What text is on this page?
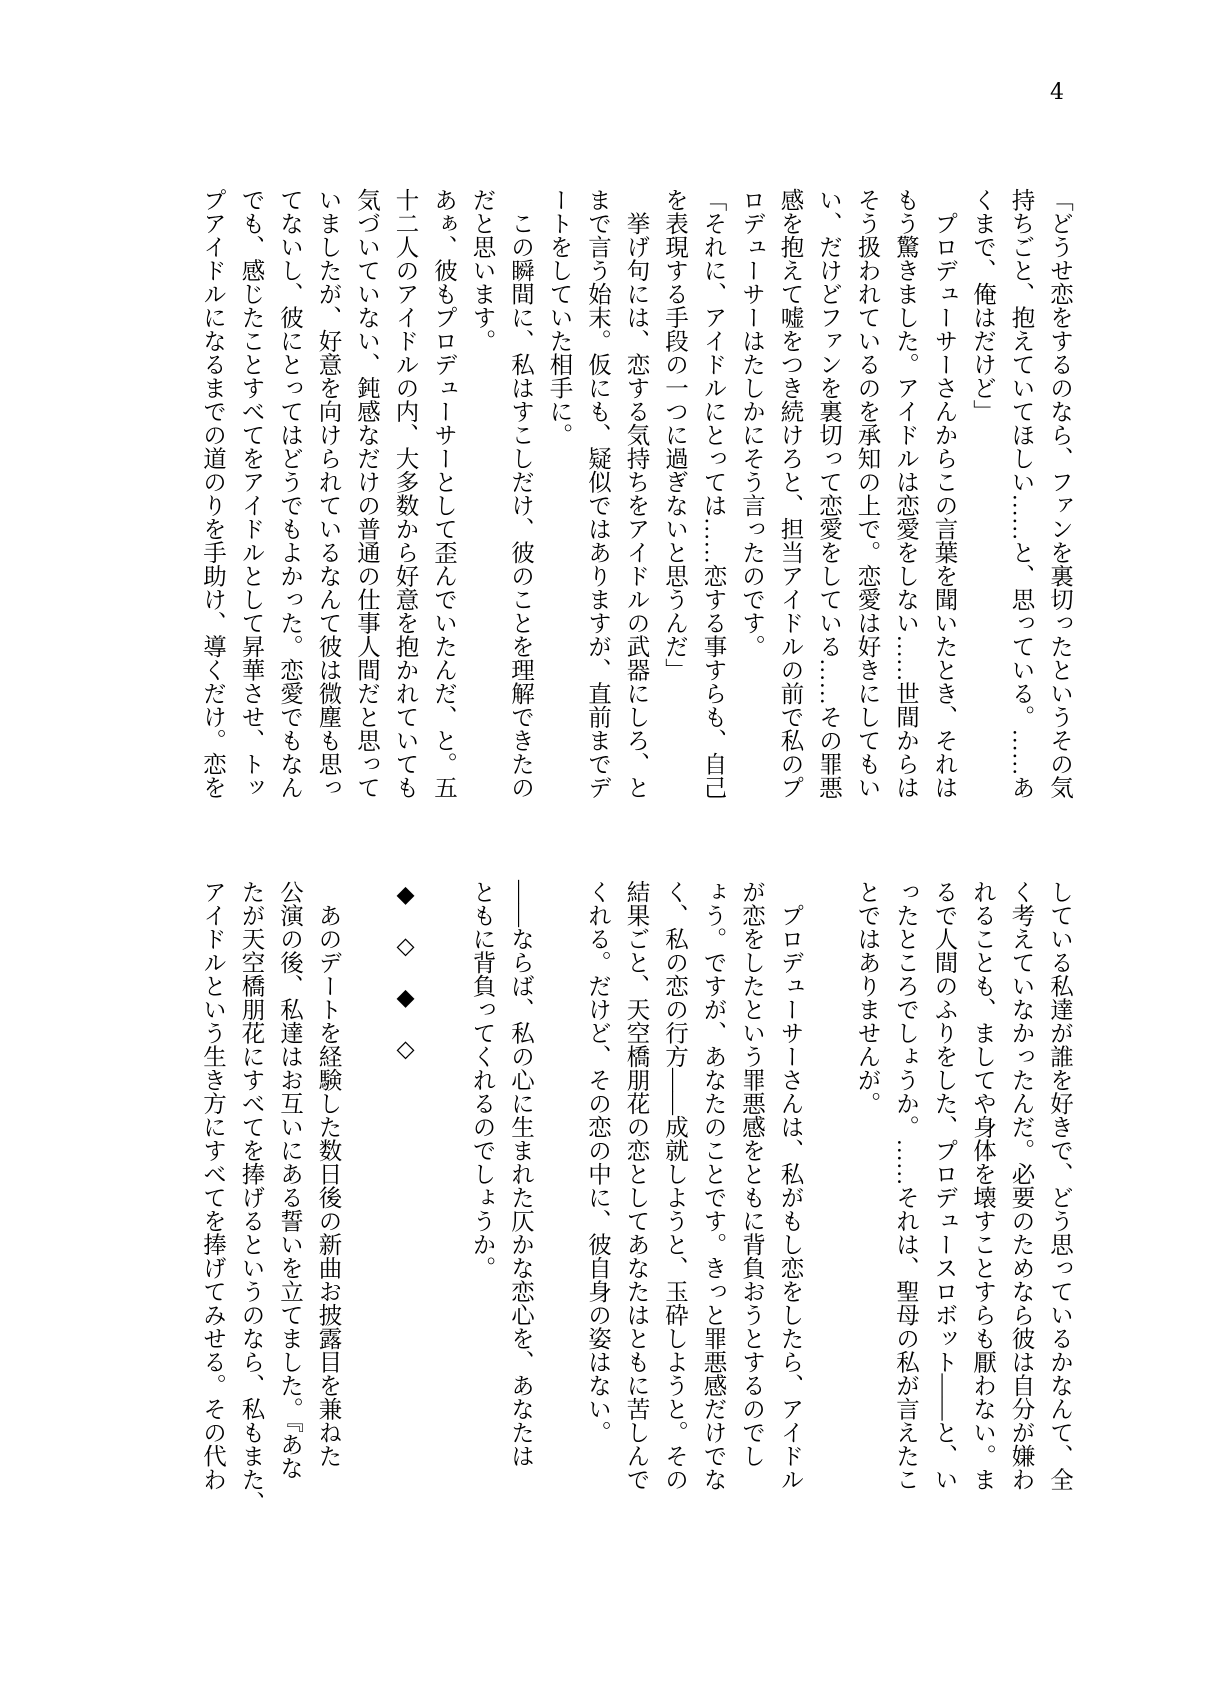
4
「どうせ恋をするのなら、ファンを裏切ったというその気
持ちごと、抱えていてほしい……と、思っている。……あ
くまで、俺はだけど」
　プロデューサーさんからこの言葉を聞いたとき、それは
もう驚きました。アイドルは恋愛をしない……世間からは
そう扱われているのを承知の上で。恋愛は好きにしてもい
い、だけどファンを裏切って恋愛をしている……その罪悪
感を抱えて嘘をつき続けろと、担当アイドルの前で私のプ
ロデューサーはたしかにそう言ったのです。
「それに、アイドルにとっては……恋する事すらも、自己
を表現する手段の一つに過ぎないと思うんだ」
　挙げ句には、恋する気持ちをアイドルの武器にしろ、と
まで言う始末。仮にも、疑似ではありますが、直前までデ
ートをしていた相手に。
　この瞬間に、私はすこしだけ、彼のことを理解できたの
だと思います。
あぁ、彼もプロデューサーとして歪んでいたんだ、と。五
十二人のアイドルの内、大多数から好意を抱かれていても
気づいていない、鈍感なだけの普通の仕事人間だと思って
いましたが、好意を向けられているなんて彼は微塵も思っ
てないし、彼にとってはどうでもよかった。恋愛でもなん
でも、感じたことすべてをアイドルとして昇華させ、トッ
プアイドルになるまでの道のりを手助け、導くだけ。恋を
している私達が誰を好きで、どう思っているかなんて、全
く考えていなかったんだ。必要のためなら彼は自分が嫌わ
れることも、ましてや身体を壊すことすらも厭わない。ま
るで人間のふりをした、プロデュースロボット——と、い
ったところでしょうか。……それは、聖母の私が言えたこ
とではありませんが。
　プロデューサーさんは、私がもし恋をしたら、アイドル
が恋をしたという罪悪感をともに背負おうとするのでし
ょう。ですが、あなたのことです。きっと罪悪感だけでな
く、私の恋の行方——成就しようと、玉砕しようと。その
結果ごと、天空橋朋花の恋としてあなたはともに苦しんで
くれる。だけど、その恋の中に、彼自身の姿はない。
——ならば、私の心に生まれた仄かな恋心を、あなたは
ともに背負ってくれるのでしょうか。
◆　◇　◆　◇
　あのデートを経験した数日後の新曲お披露目を兼ねた
公演の後、私達はお互いにある誓いを立てました。『あな
たが天空橋朋花にすべてを捧げるというのなら、私もまた、
アイドルという生き方にすべてを捧げてみせる。その代わ
